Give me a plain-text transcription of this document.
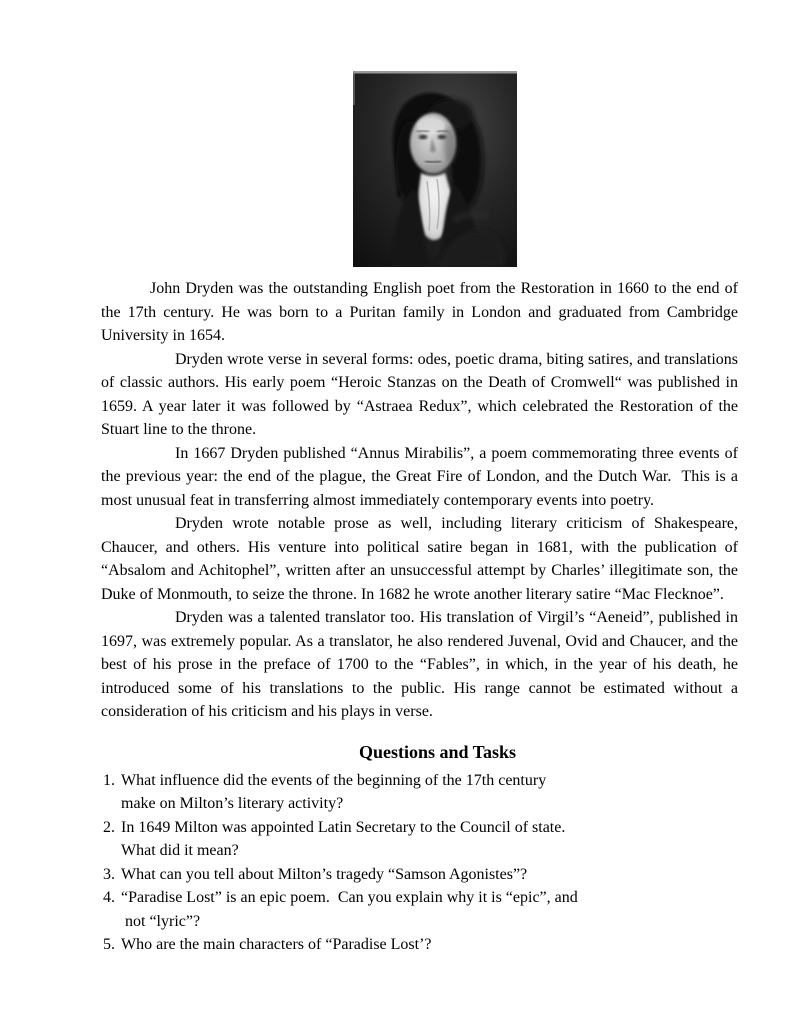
John Dryden was the outstanding English poet from the Restoration in 1660 to the end of the 17th century. He was born to a Puritan family in London and graduated from Cambridge University in 1654.

Dryden wrote verse in several forms: odes, poetic drama, biting satires, and translations of classic authors. His early poem “Heroic Stanzas on the Death of Cromwell“ was published in 1659. A year later it was followed by “Astraea Redux”, which celebrated the Restoration of the Stuart line to the throne.

In 1667 Dryden published “Annus Mirabilis”, a poem commemorating three events of the previous year: the end of the plague, the Great Fire of London, and the Dutch War.  This is a most unusual feat in transferring almost immediately contemporary events into poetry.

Dryden wrote notable prose as well, including literary criticism of Shakespeare, Chaucer, and others. His venture into political satire began in 1681, with the publication of “Absalom and Achitophel”, written after an unsuccessful attempt by Charles’ illegitimate son, the Duke of Monmouth, to seize the throne. In 1682 he wrote another literary satire “Mac Flecknoe”.

Dryden was a talented translator too. His translation of Virgil’s “Aeneid”, published in 1697, was extremely popular. As a translator, he also rendered Juvenal, Ovid and Chaucer, and the best of his prose in the preface of 1700 to the “Fables”, in which, in the year of his death, he introduced some of his translations to the public. His range cannot be estimated without a consideration of his criticism and his plays in verse.

Questions and Tasks
1. What influence did the events of the beginning of the 17th century
make on Milton’s literary activity?
2. In 1649 Milton was appointed Latin Secretary to the Council of state.
What did it mean?
3. What can you tell about Milton’s tragedy “Samson Agonistes”?
4. “Paradise Lost” is an epic poem.  Can you explain why it is “epic”, and
not “lyric”?
5. Who are the main characters of “Paradise Lost’?
